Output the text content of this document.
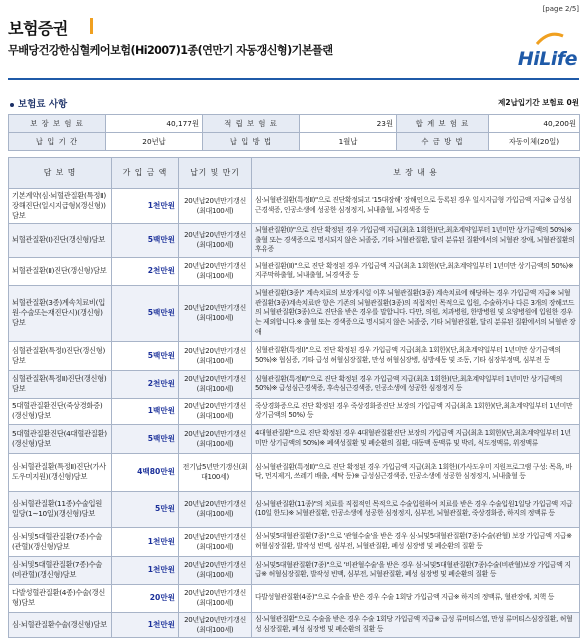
[page 2/5]
보험증권
무배당건강한심혈케어보험(Hi2007)1종(연만기 자동갱신형)기본플랜	HiLife
보험료 사항	제2납입기간 보험료 0원
보 장 보 험 료	40,177원	적 립 보 험 료	23원	합 계 보 험 료	40,200원
납 입 기 간	20년납	납 입 방 법	1월납	수 금 방 법	자동이체(20일)
담 보 명	가 입 금 액	납기 및 만기	보 장 내 용
기본계약(심·뇌혈관질환(특정Ⅱ)장해진단(일시지급형)(갱신형))담보	1천만원	20년납20년만기갱신(최대100세)	심·뇌혈관질환(특정Ⅱ)"으로 진단확정되고 '15대장해' 장해인으로 등록된 경우 일시지급형 가입금액 지급※ 급성심근경색증, 인공소생에 성공한 심정정지, 뇌내출혈, 뇌경색증 등
뇌혈관질환(Ⅰ)진단(갱신형)담보	5백만원	20년납20년만기갱신(최대100세)	뇌혈관질환(Ⅰ)"으로 진단 확정된 경우 가입금액 지급(최초 1회한)(단,최초계약일부터 1년미만 상기금액의 50%)※ 출혈 또는 경색증으로 명시되지 않은 뇌졸중, 기타 뇌혈관질환, 달리 분류된 질환에서의 뇌혈관 장애, 뇌혈관질환의 후유증
뇌혈관질환(Ⅱ)진단(갱신형)담보	2천만원	20년납20년만기갱신(최대100세)	뇌혈관질환(Ⅱ)"으로 진단 확정된 경우 가입금액 지급(최초 1회한)(단,최초계약일부터 1년미만 상기금액의 50%)※ 지주막하출혈, 뇌내출혈, 뇌경색증 등
뇌혈관질환(3종)계속치료비(입원·수술또는재진단시)(갱신형)담보	5백만원	20년납20년만기갱신(최대100세)	뇌혈관질환(3종)" 계속치료의 보장개시일 이후 뇌혈관질환(3종) 계속치료에 해당하는 경우 가입금액 지급※ 뇌혈관질환(3종)계속치료란 항은 기존의 뇌혈관질환(3종)의 직접적인 목적으로 입원, 수술하거나 다른 3개의 장해코드의 뇌혈관질환(3종)으로 진단을 받은 경우를 말합니다. 다만, 의원, 치과병원, 한방병원 및 요양병원에 입원한 경우는 제외합니다.※ 출혈 또는 경색증으로 명시되지 않은 뇌졸중, 기타 뇌혈관질환, 달리 분류된 질환에서의 뇌혈관 장애
심혈관질환(특정Ⅰ)진단(갱신형)담보	5백만원	20년납20년만기갱신(최대100세)	심혈관질환(특정Ⅰ)"으로 진단 확정된 경우 가입금액 지급(최초 1회한)(단,최초계약일부터 1년미만 상기금액의 50%)※ 협심증, 기타 급성 허혈심장질환, 만성 허혈심장병, 심방세동 및 조동, 기타 심장부정맥, 심부전 등
심혈관질환(특정Ⅱ)진단(갱신형)담보	2천만원	20년납20년만기갱신(최대100세)	심혈관질환(특정Ⅱ)"으로 진단 확정된 경우 가입금액 지급(최초 1회한)(단,최초계약일부터 1년미만 상기금액의 50%)※ 급성심근경색증, 후속심근경색증, 인공소생에 성공한 심정정지 등
5대혈관질환진단(죽상경화증)(갱신형)담보	1백만원	20년납20년만기갱신(최대100세)	죽상경화증으로 진단 확정된 경우 죽상경화증진단 보장의 가입금액 지급(최초 1회한)(단,최초계약일부터 1년미만 상기금액의 50%) 등
5대혈관질환진단(4대혈관질환)(갱신형)담보	5백만원	20년납20년만기갱신(최대100세)	4대혈관질환"으로 진단 확정된 경우 4대혈관질환진단 보장의 가입금액 지급(최초 1회한)(단,최초계약일부터 1년미만 상기금액의 50%)※ 폐색성질환 및 폐순환의 질환, 대동맥 동맥류 및 박리, 식도정맥류, 위정맥류
심·뇌혈관질환(특정Ⅱ)진단(가사도우미지원)(갱신형)담보	4백80만원	전기납5년만기갱신(최대100세)	심·뇌혈관질환(특정Ⅱ)"으로 진단 확정된 경우 가입금액 지급(최초 1회한)(가사도우미 지원프로그램 구성: 목욕, 바닥, 먼지제거, 쓰레기 배출, 세탁 등)※ 급성심근경색증, 인공소생에 성공한 심정정지, 뇌내출혈 등
심·뇌혈관질환(11종)수술입원일당(1~10일)(갱신형)담보	5만원	20년납20년만기갱신(최대100세)	심·뇌혈관질환(11종)"의 치료를 직접적인 목적으로 수술입원하여 치료를 받은 경우 수술입원1일당 가입금액 지급(10일 한도)※ 뇌혈관질환, 인공소생에 성공한 심정정지, 심부전, 뇌혈관질환, 죽상경화증, 하지의 정맥류 등
심·뇌및5대혈관질환(7종)수술(관혈)(갱신형)담보	1천만원	20년납20년만기갱신(최대100세)	심·뇌및5대혈관질환(7종)"으로 '관혈수술'을 받은 경우 심·뇌및5대혈관질환(7종)수술(관혈) 보장 가입금액 지급※ 허혈심장질환, 발작성 빈맥, 심부전, 뇌혈관질환, 폐성 심장병 및 폐순환의 질환 등
심·뇌및5대혈관질환(7종)수술(비관혈)(갱신형)담보	1천만원	20년납20년만기갱신(최대100세)	심·뇌및5대혈관질환(7종)"으로 '비관혈수술'을 받은 경우 심·뇌및5대혈관질환(7종)수술(비관혈)보장 가입금액 지급※ 허혈심장질환, 발작성 빈맥, 심부전, 뇌혈관질환, 폐성 심장병 및 폐순환의 질환 등
다발성혈관질환(4종)수술(갱신형)담보	20만원	20년납20년만기갱신(최대100세)	다발성혈관질환(4종)"으로 수술을 받은 경우 수술 1회당 가입금액 지급※ 하지의 정맥류, 혈관장애, 치핵 등
심·뇌혈관질환수술(갱신형)담보	1천만원	20년납20년만기갱신(최대100세)	심·뇌혈관질환"으로 수술을 받은 경우 수술 1회당 가입금액 지급※ 급성 류머티스열, 만성 류머티스심장질환, 허혈성 심장질환, 폐성 심장병 및 폐순환의 질환 등
